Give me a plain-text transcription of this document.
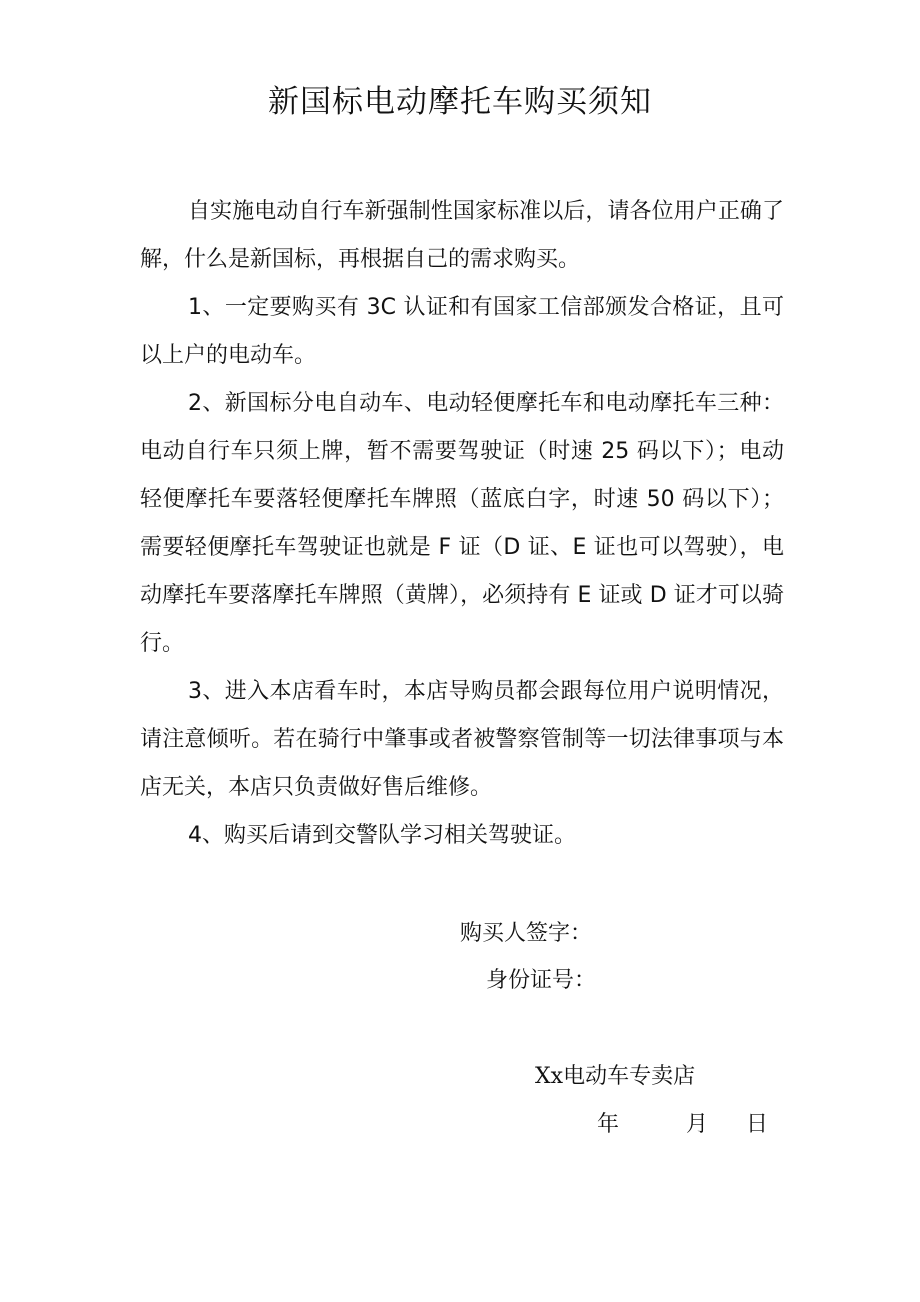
新国标电动摩托车购买须知

自实施电动自行车新强制性国家标准以后，请各位用户正确了解，什么是新国标，再根据自己的需求购买。

1、一定要购买有 3C 认证和有国家工信部颁发合格证，且可以上户的电动车。

2、新国标分电自动车、电动轻便摩托车和电动摩托车三种：电动自行车只须上牌，暂不需要驾驶证（时速 25 码以下）；电动轻便摩托车要落轻便摩托车牌照（蓝底白字，时速 50 码以下）；需要轻便摩托车驾驶证也就是 F 证（D 证、E 证也可以驾驶），电动摩托车要落摩托车牌照（黄牌），必须持有 E 证或 D 证才可以骑行。

3、进入本店看车时，本店导购员都会跟每位用户说明情况，请注意倾听。若在骑行中肇事或者被警察管制等一切法律事项与本店无关，本店只负责做好售后维修。

4、购买后请到交警队学习相关驾驶证。

购买人签字：
身份证号：
Xx电动车专卖店
年	月 日
